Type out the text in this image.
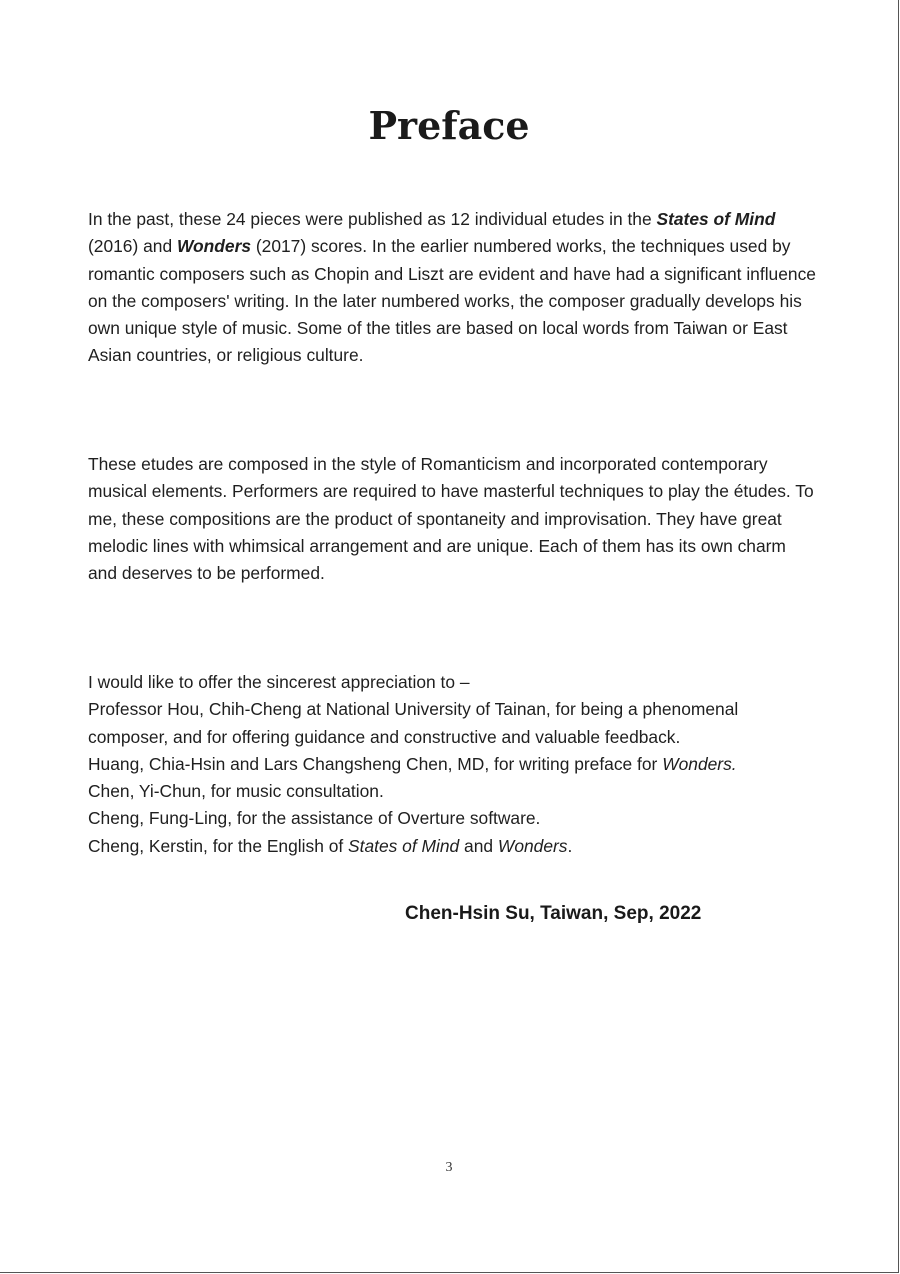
Preface

In the past, these 24 pieces were published as 12 individual etudes in the States of Mind (2016) and Wonders (2017) scores. In the earlier numbered works, the techniques used by romantic composers such as Chopin and Liszt are evident and have had a significant influence on the composers' writing. In the later numbered works, the composer gradually develops his own unique style of music. Some of the titles are based on local words from Taiwan or East Asian countries, or religious culture.

These etudes are composed in the style of Romanticism and incorporated contemporary musical elements. Performers are required to have masterful techniques to play the études. To me, these compositions are the product of spontaneity and improvisation. They have great melodic lines with whimsical arrangement and are unique. Each of them has its own charm and deserves to be performed.

I would like to offer the sincerest appreciation to –
Professor Hou, Chih-Cheng at National University of Tainan, for being a phenomenal composer, and for offering guidance and constructive and valuable feedback.
Huang, Chia-Hsin and Lars Changsheng Chen, MD, for writing preface for Wonders.
Chen, Yi-Chun, for music consultation.
Cheng, Fung-Ling, for the assistance of Overture software.
Cheng, Kerstin, for the English of States of Mind and Wonders.

Chen-Hsin Su, Taiwan, Sep, 2022

3
